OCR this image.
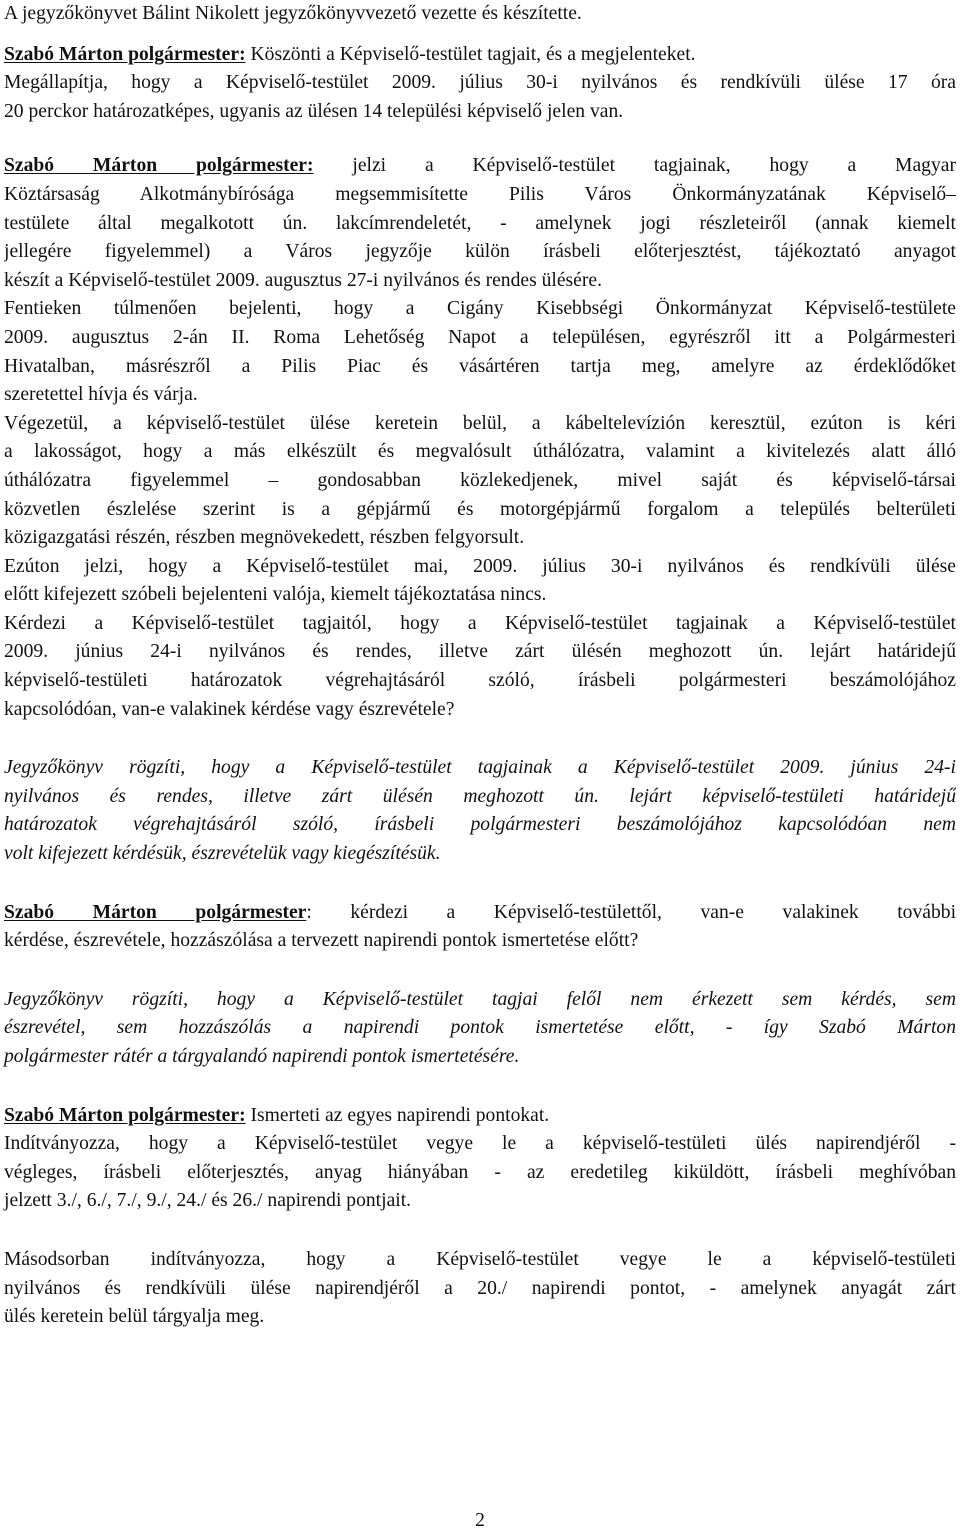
A jegyzőkönyvet Bálint Nikolett jegyzőkönyvvezető vezette és készítette.
Szabó Márton polgármester: Köszönti a Képviselő-testület tagjait, és a megjelenteket.
Megállapítja, hogy a Képviselő-testület 2009. július 30-i nyilvános és rendkívüli ülése 17 óra
20 perckor határozatképes, ugyanis az ülésen 14 települési képviselő jelen van.
Szabó Márton polgármester: jelzi a Képviselő-testület tagjainak, hogy a Magyar
Köztársaság Alkotmánybírósága megsemmisítette Pilis Város Önkormányzatának Képviselő–
testülete által megalkotott ún. lakcímrendeletét, - amelynek jogi részleteiről (annak kiemelt
jellegére figyelemmel) a Város jegyzője külön írásbeli előterjesztést, tájékoztató anyagot
készít a Képviselő-testület 2009. augusztus 27-i nyilvános és rendes ülésére.
Fentieken túlmenően bejelenti, hogy a Cigány Kisebbségi Önkormányzat Képviselő-testülete
2009. augusztus 2-án II. Roma Lehetőség Napot a településen, egyrészről itt a Polgármesteri
Hivatalban, másrészről a Pilis Piac és vásártéren tartja meg, amelyre az érdeklődőket
szeretettel hívja és várja.
Végezetül, a képviselő-testület ülése keretein belül, a kábeltelevízión keresztül, ezúton is kéri
a lakosságot, hogy a más elkészült és megvalósult úthálózatra, valamint a kivitelezés alatt álló
úthálózatra figyelemmel – gondosabban közlekedjenek, mivel saját és képviselő-társai
közvetlen észlelése szerint is a gépjármű és motorgépjármű forgalom a település belterületi
közigazgatási részén, részben megnövekedett, részben felgyorsult.
Ezúton jelzi, hogy a Képviselő-testület mai, 2009. július 30-i nyilvános és rendkívüli ülése
előtt kifejezett szóbeli bejelenteni valója, kiemelt tájékoztatása nincs.
Kérdezi a Képviselő-testület tagjaitól, hogy a Képviselő-testület tagjainak a Képviselő-testület
2009. június 24-i nyilvános és rendes, illetve zárt ülésén meghozott ún. lejárt határidejű
képviselő-testületi határozatok végrehajtásáról szóló, írásbeli polgármesteri beszámolójához
kapcsolódóan, van-e valakinek kérdése vagy észrevétele?
Jegyzőkönyv rögzíti, hogy a Képviselő-testület tagjainak a Képviselő-testület 2009. június 24-i
nyilvános és rendes, illetve zárt ülésén meghozott ún. lejárt képviselő-testületi határidejű
határozatok végrehajtásáról szóló, írásbeli polgármesteri beszámolójához kapcsolódóan nem
volt kifejezett kérdésük, észrevételük vagy kiegészítésük.
Szabó Márton polgármester: kérdezi a Képviselő-testülettől, van-e valakinek további
kérdése, észrevétele, hozzászólása a tervezett napirendi pontok ismertetése előtt?
Jegyzőkönyv rögzíti, hogy a Képviselő-testület tagjai felől nem érkezett sem kérdés, sem
észrevétel, sem hozzászólás a napirendi pontok ismertetése előtt, - így Szabó Márton
polgármester rátér a tárgyalandó napirendi pontok ismertetésére.
Szabó Márton polgármester: Ismerteti az egyes napirendi pontokat.
Indítványozza, hogy a Képviselő-testület vegye le a képviselő-testületi ülés napirendjéről -
végleges, írásbeli előterjesztés, anyag hiányában - az eredetileg kiküldött, írásbeli meghívóban
jelzett 3./, 6./, 7./, 9./, 24./ és 26./ napirendi pontjait.
Másodsorban indítványozza, hogy a Képviselő-testület vegye le a képviselő-testületi
nyilvános és rendkívüli ülése napirendjéről a 20./ napirendi pontot, - amelynek anyagát zárt
ülés keretein belül tárgyalja meg.
2
